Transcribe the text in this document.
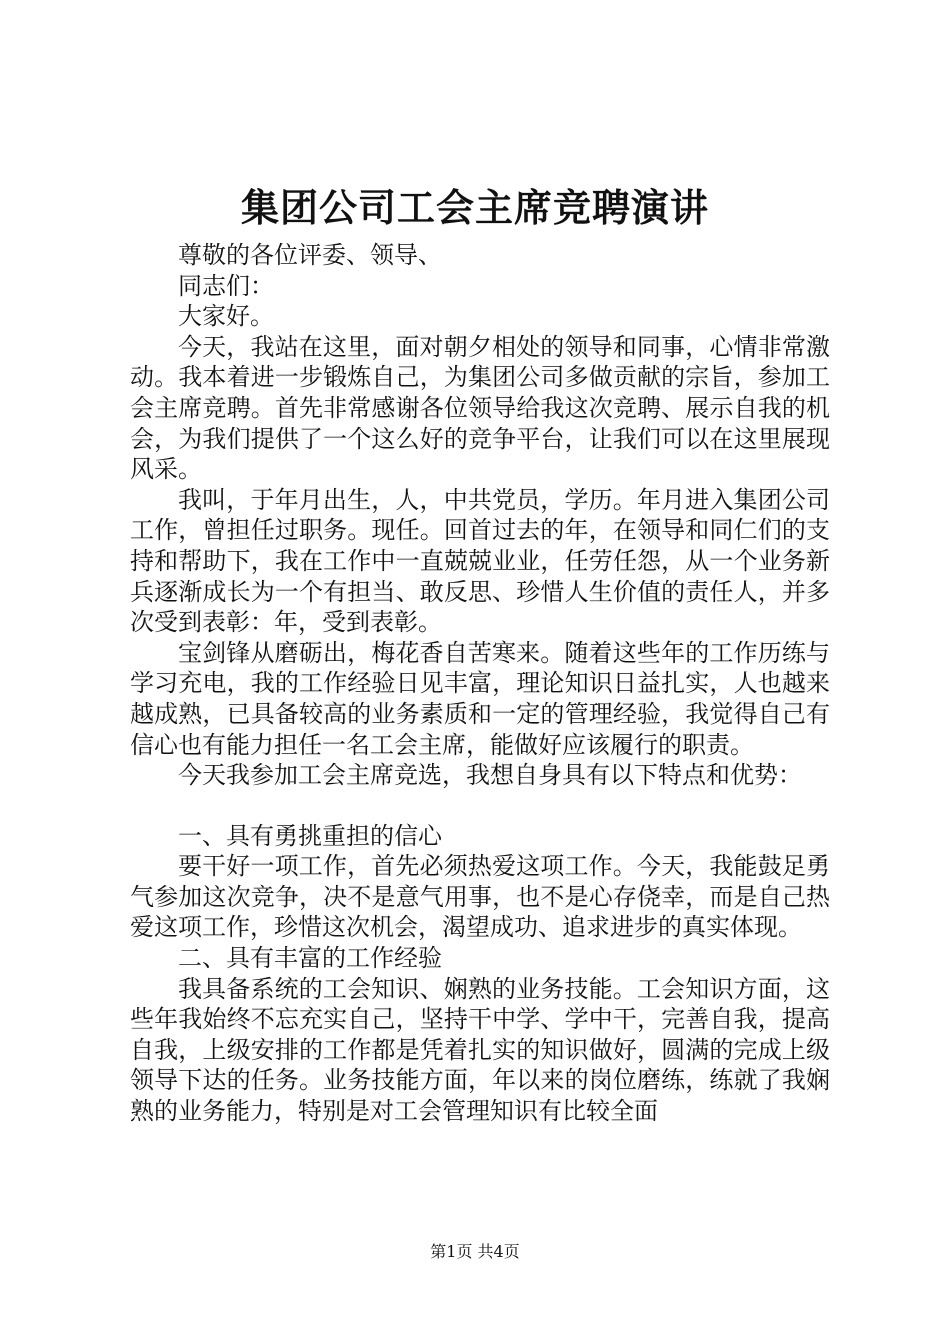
集团公司工会主席竞聘演讲

尊敬的各位评委、领导、

同志们：

大家好。

今天，我站在这里，面对朝夕相处的领导和同事，心情非常激动。我本着进一步锻炼自己，为集团公司多做贡献的宗旨，参加工会主席竞聘。首先非常感谢各位领导给我这次竞聘、展示自我的机会，为我们提供了一个这么好的竞争平台，让我们可以在这里展现风采。

我叫，于年月出生，人，中共党员，学历。年月进入集团公司工作，曾担任过职务。现任。回首过去的年，在领导和同仁们的支持和帮助下，我在工作中一直兢兢业业，任劳任怨，从一个业务新兵逐渐成长为一个有担当、敢反思、珍惜人生价值的责任人，并多次受到表彰：年，受到表彰。

宝剑锋从磨砺出，梅花香自苦寒来。随着这些年的工作历练与学习充电，我的工作经验日见丰富，理论知识日益扎实，人也越来越成熟，已具备较高的业务素质和一定的管理经验，我觉得自己有信心也有能力担任一名工会主席，能做好应该履行的职责。

今天我参加工会主席竞选，我想自身具有以下特点和优势：

一、具有勇挑重担的信心

要干好一项工作，首先必须热爱这项工作。今天，我能鼓足勇气参加这次竞争，决不是意气用事，也不是心存侥幸，而是自己热爱这项工作，珍惜这次机会，渴望成功、追求进步的真实体现。

二、具有丰富的工作经验

我具备系统的工会知识、娴熟的业务技能。工会知识方面，这些年我始终不忘充实自己，坚持干中学、学中干，完善自我，提高自我，上级安排的工作都是凭着扎实的知识做好，圆满的完成上级领导下达的任务。业务技能方面，年以来的岗位磨练，练就了我娴熟的业务能力，特别是对工会管理知识有比较全面

第1页 共4页
